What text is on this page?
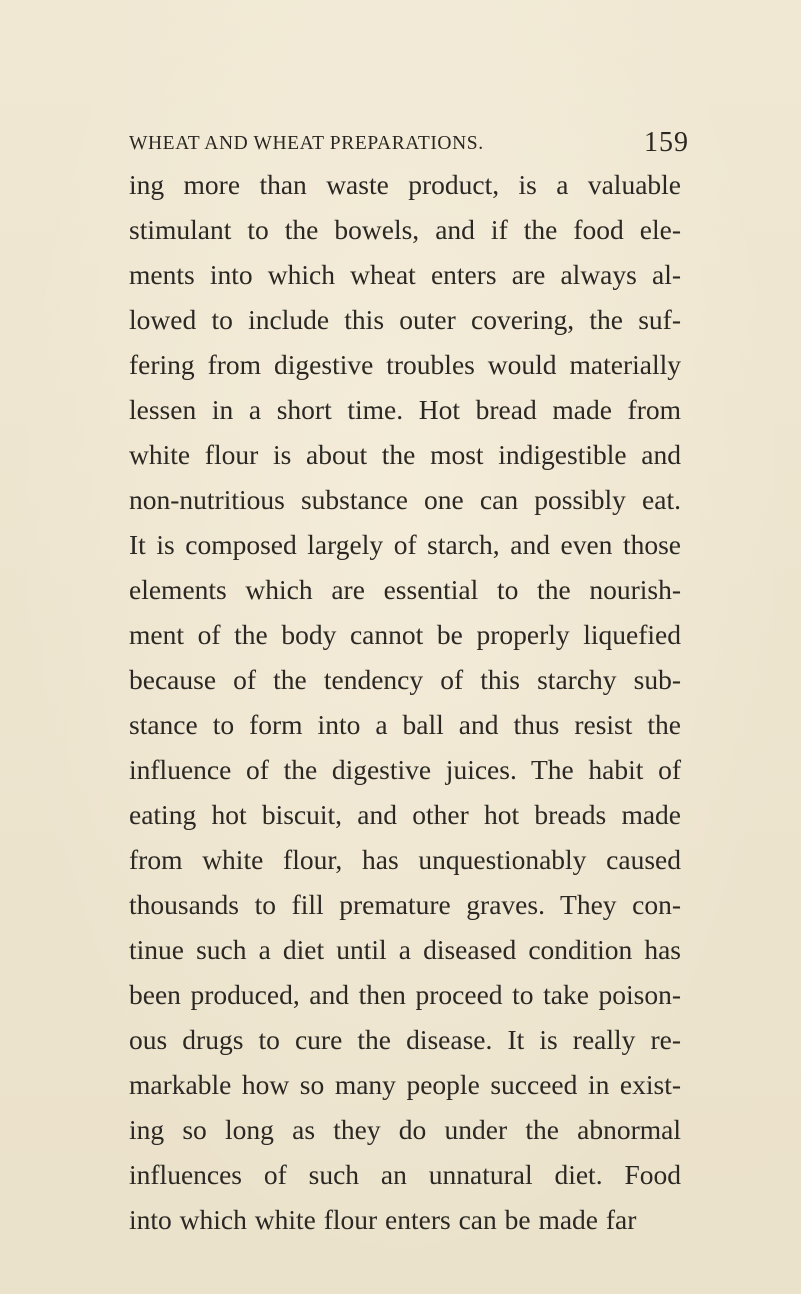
WHEAT AND WHEAT PREPARATIONS.	159
ing more than waste product, is a valuable
stimulant to the bowels, and if the food ele-
ments into which wheat enters are always al-
lowed to include this outer covering, the suf-
fering from digestive troubles would materially
lessen in a short time. Hot bread made from
white flour is about the most indigestible and
non-nutritious substance one can possibly eat.
It is composed largely of starch, and even those
elements which are essential to the nourish-
ment of the body cannot be properly liquefied
because of the tendency of this starchy sub-
stance to form into a ball and thus resist the
influence of the digestive juices. The habit of
eating hot biscuit, and other hot breads made
from white flour, has unquestionably caused
thousands to fill premature graves. They con-
tinue such a diet until a diseased condition has
been produced, and then proceed to take poison-
ous drugs to cure the disease. It is really re-
markable how so many people succeed in exist-
ing so long as they do under the abnormal
influences of such an unnatural diet. Food
into which white flour enters can be made far
